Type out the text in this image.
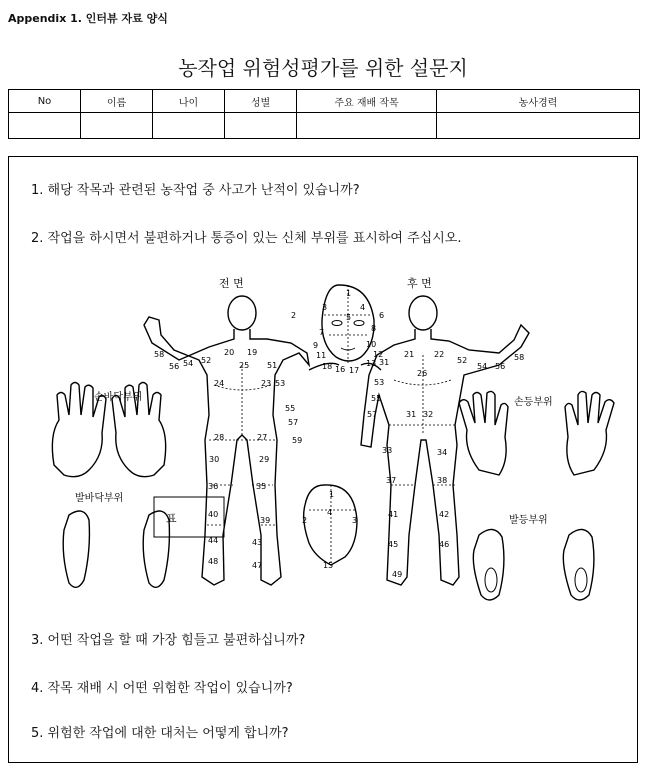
Appendix 1. 인터뷰 자료 양식
농작업 위험성평가를 위한 설문지
No	이름	나이	성별	주요 재배 작목	농사경력

1. 해당 작목과 관련된 농작업 중 사고가 난적이 있습니까?
2. 작업을 하시면서 불편하거나 통증이 있는 신체 부위를 표시하여 주십시오.
전 면	후 면
손바닥부위	손등부위
발바닥부위
발등부위
58
56 54 52
20 19
25 51
24	23 53
55
57
59
28	27
30	29
36	35
40
39
44	43
48	47
표
1
2
3	4
5	6
7	8
9	10
11	12
13
16 17
18	31
21 22
52
54 56
58
26
53
55
57	31 32
33	34
37	38
41	42
45	46
49
1
2	3
4
15
3. 어떤 작업을 할 때 가장 힘들고 불편하십니까?
4. 작목 재배 시 어떤 위험한 작업이 있습니까?
5. 위험한 작업에 대한 대처는 어떻게 합니까?
